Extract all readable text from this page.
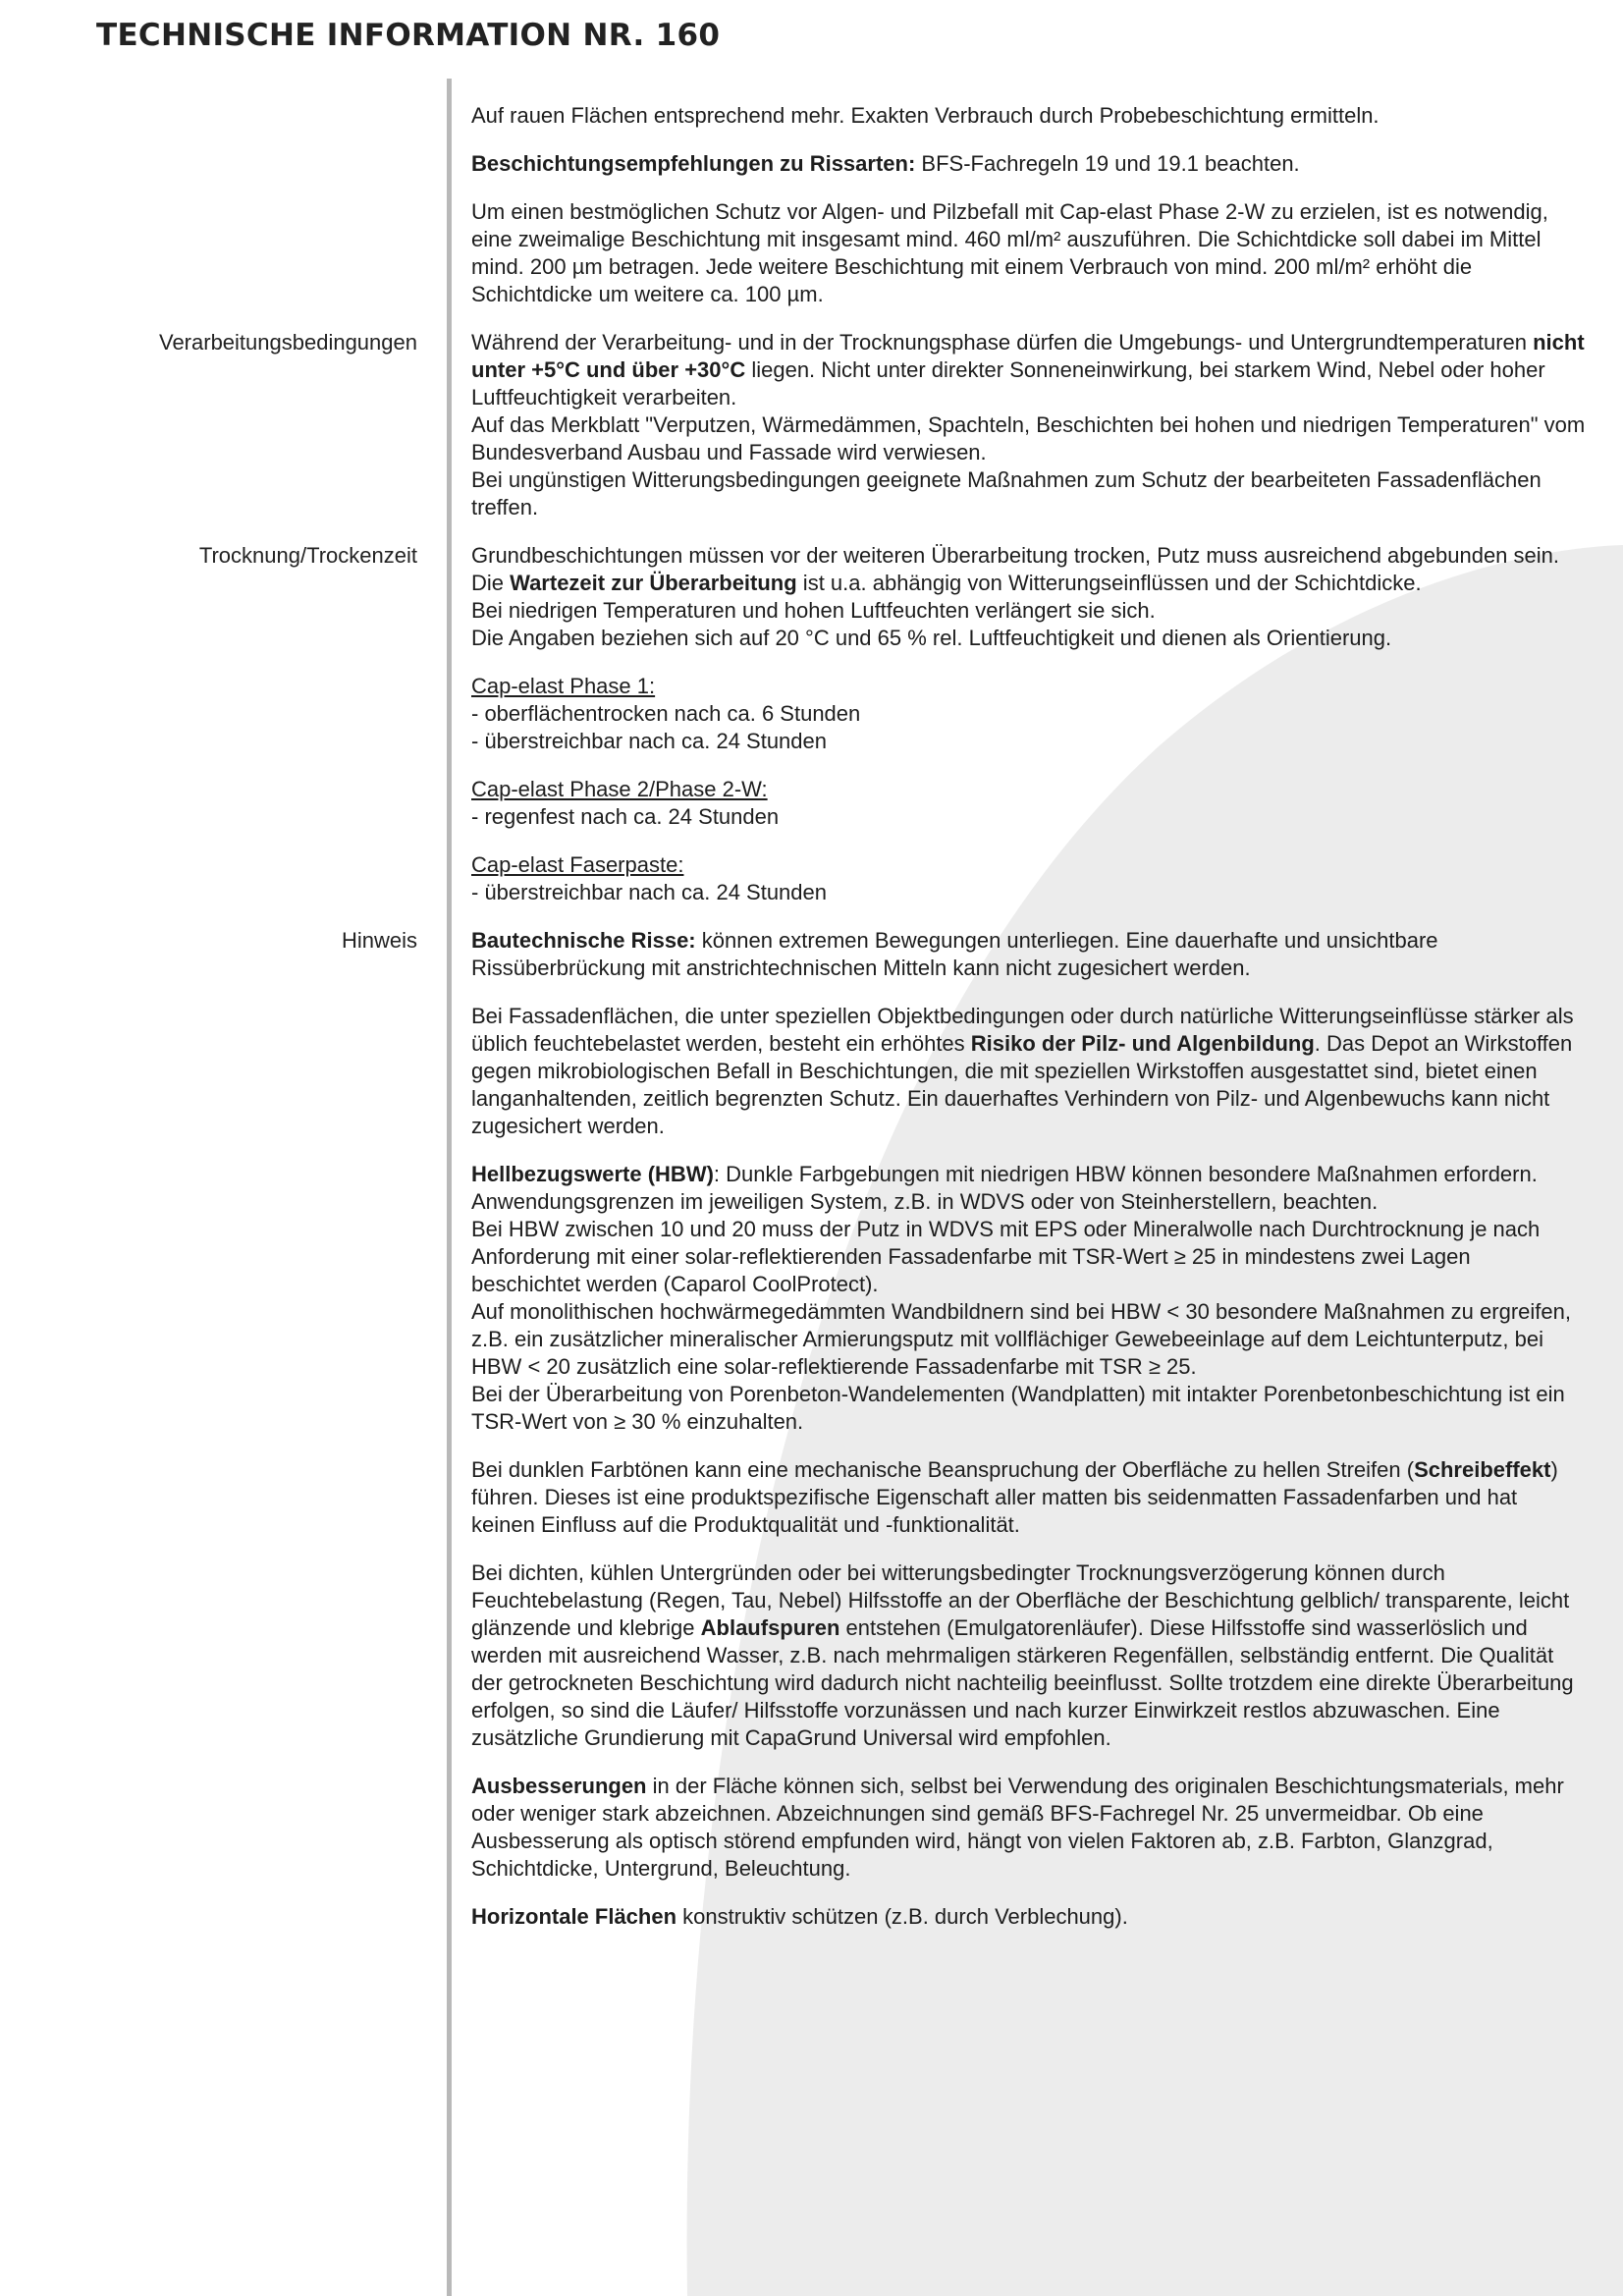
TECHNISCHE INFORMATION NR. 160

Auf rauen Flächen entsprechend mehr. Exakten Verbrauch durch Probebeschichtung ermitteln.

Beschichtungsempfehlungen zu Rissarten: BFS-Fachregeln 19 und 19.1 beachten.

Um einen bestmöglichen Schutz vor Algen- und Pilzbefall mit Cap-elast Phase 2-W zu erzielen, ist es notwendig, eine zweimalige Beschichtung mit insgesamt mind. 460 ml/m² auszuführen. Die Schichtdicke soll dabei im Mittel mind. 200 µm betragen. Jede weitere Beschichtung mit einem Verbrauch von mind. 200 ml/m² erhöht die Schichtdicke um weitere ca. 100 µm.

Verarbeitungsbedingungen	Während der Verarbeitung- und in der Trocknungsphase dürfen die Umgebungs- und Untergrundtemperaturen nicht unter +5°C und über +30°C liegen. Nicht unter direkter Sonneneinwirkung, bei starkem Wind, Nebel oder hoher Luftfeuchtigkeit verarbeiten.
Auf das Merkblatt "Verputzen, Wärmedämmen, Spachteln, Beschichten bei hohen und niedrigen Temperaturen" vom Bundesverband Ausbau und Fassade wird verwiesen.
Bei ungünstigen Witterungsbedingungen geeignete Maßnahmen zum Schutz der bearbeiteten Fassadenflächen treffen.

Trocknung/Trockenzeit	Grundbeschichtungen müssen vor der weiteren Überarbeitung trocken, Putz muss ausreichend abgebunden sein.
Die Wartezeit zur Überarbeitung ist u.a. abhängig von Witterungseinflüssen und der Schichtdicke.
Bei niedrigen Temperaturen und hohen Luftfeuchten verlängert sie sich.
Die Angaben beziehen sich auf 20 °C und 65 % rel. Luftfeuchtigkeit und dienen als Orientierung.

Cap-elast Phase 1:
- oberflächentrocken nach ca. 6 Stunden
- überstreichbar nach ca. 24 Stunden

Cap-elast Phase 2/Phase 2-W:
- regenfest nach ca. 24 Stunden

Cap-elast Faserpaste:
- überstreichbar nach ca. 24 Stunden

Hinweis	Bautechnische Risse: können extremen Bewegungen unterliegen. Eine dauerhafte und unsichtbare Rissüberbrückung mit anstrichtechnischen Mitteln kann nicht zugesichert werden.

Bei Fassadenflächen, die unter speziellen Objektbedingungen oder durch natürliche Witterungseinflüsse stärker als üblich feuchtebelastet werden, besteht ein erhöhtes Risiko der Pilz- und Algenbildung. Das Depot an Wirkstoffen gegen mikrobiologischen Befall in Beschichtungen, die mit speziellen Wirkstoffen ausgestattet sind, bietet einen langanhaltenden, zeitlich begrenzten Schutz. Ein dauerhaftes Verhindern von Pilz- und Algenbewuchs kann nicht zugesichert werden.

Hellbezugswerte (HBW): Dunkle Farbgebungen mit niedrigen HBW können besondere Maßnahmen erfordern. Anwendungsgrenzen im jeweiligen System, z.B. in WDVS oder von Steinherstellern, beachten.
Bei HBW zwischen 10 und 20 muss der Putz in WDVS mit EPS oder Mineralwolle nach Durchtrocknung je nach Anforderung mit einer solar-reflektierenden Fassadenfarbe mit TSR-Wert ≥ 25 in mindestens zwei Lagen beschichtet werden (Caparol CoolProtect).
Auf monolithischen hochwärmegedämmten Wandbildnern sind bei HBW < 30 besondere Maßnahmen zu ergreifen, z.B. ein zusätzlicher mineralischer Armierungsputz mit vollflächiger Gewebeeinlage auf dem Leichtunterputz, bei HBW < 20 zusätzlich eine solar-reflektierende Fassadenfarbe mit TSR ≥ 25.
Bei der Überarbeitung von Porenbeton-Wandelementen (Wandplatten) mit intakter Porenbetonbeschichtung ist ein TSR-Wert von ≥ 30 % einzuhalten.

Bei dunklen Farbtönen kann eine mechanische Beanspruchung der Oberfläche zu hellen Streifen (Schreibeffekt) führen. Dieses ist eine produktspezifische Eigenschaft aller matten bis seidenmatten Fassadenfarben und hat keinen Einfluss auf die Produktqualität und -funktionalität.

Bei dichten, kühlen Untergründen oder bei witterungsbedingter Trocknungsverzögerung können durch Feuchtebelastung (Regen, Tau, Nebel) Hilfsstoffe an der Oberfläche der Beschichtung gelblich/ transparente, leicht glänzende und klebrige Ablaufspuren entstehen (Emulgatorenläufer). Diese Hilfsstoffe sind wasserlöslich und werden mit ausreichend Wasser, z.B. nach mehrmaligen stärkeren Regenfällen, selbständig entfernt. Die Qualität der getrockneten Beschichtung wird dadurch nicht nachteilig beeinflusst. Sollte trotzdem eine direkte Überarbeitung erfolgen, so sind die Läufer/ Hilfsstoffe vorzunässen und nach kurzer Einwirkzeit restlos abzuwaschen. Eine zusätzliche Grundierung mit CapaGrund Universal wird empfohlen.

Ausbesserungen in der Fläche können sich, selbst bei Verwendung des originalen Beschichtungsmaterials, mehr oder weniger stark abzeichnen. Abzeichnungen sind gemäß BFS-Fachregel Nr. 25 unvermeidbar. Ob eine Ausbesserung als optisch störend empfunden wird, hängt von vielen Faktoren ab, z.B. Farbton, Glanzgrad, Schichtdicke, Untergrund, Beleuchtung.

Horizontale Flächen konstruktiv schützen (z.B. durch Verblechung).
